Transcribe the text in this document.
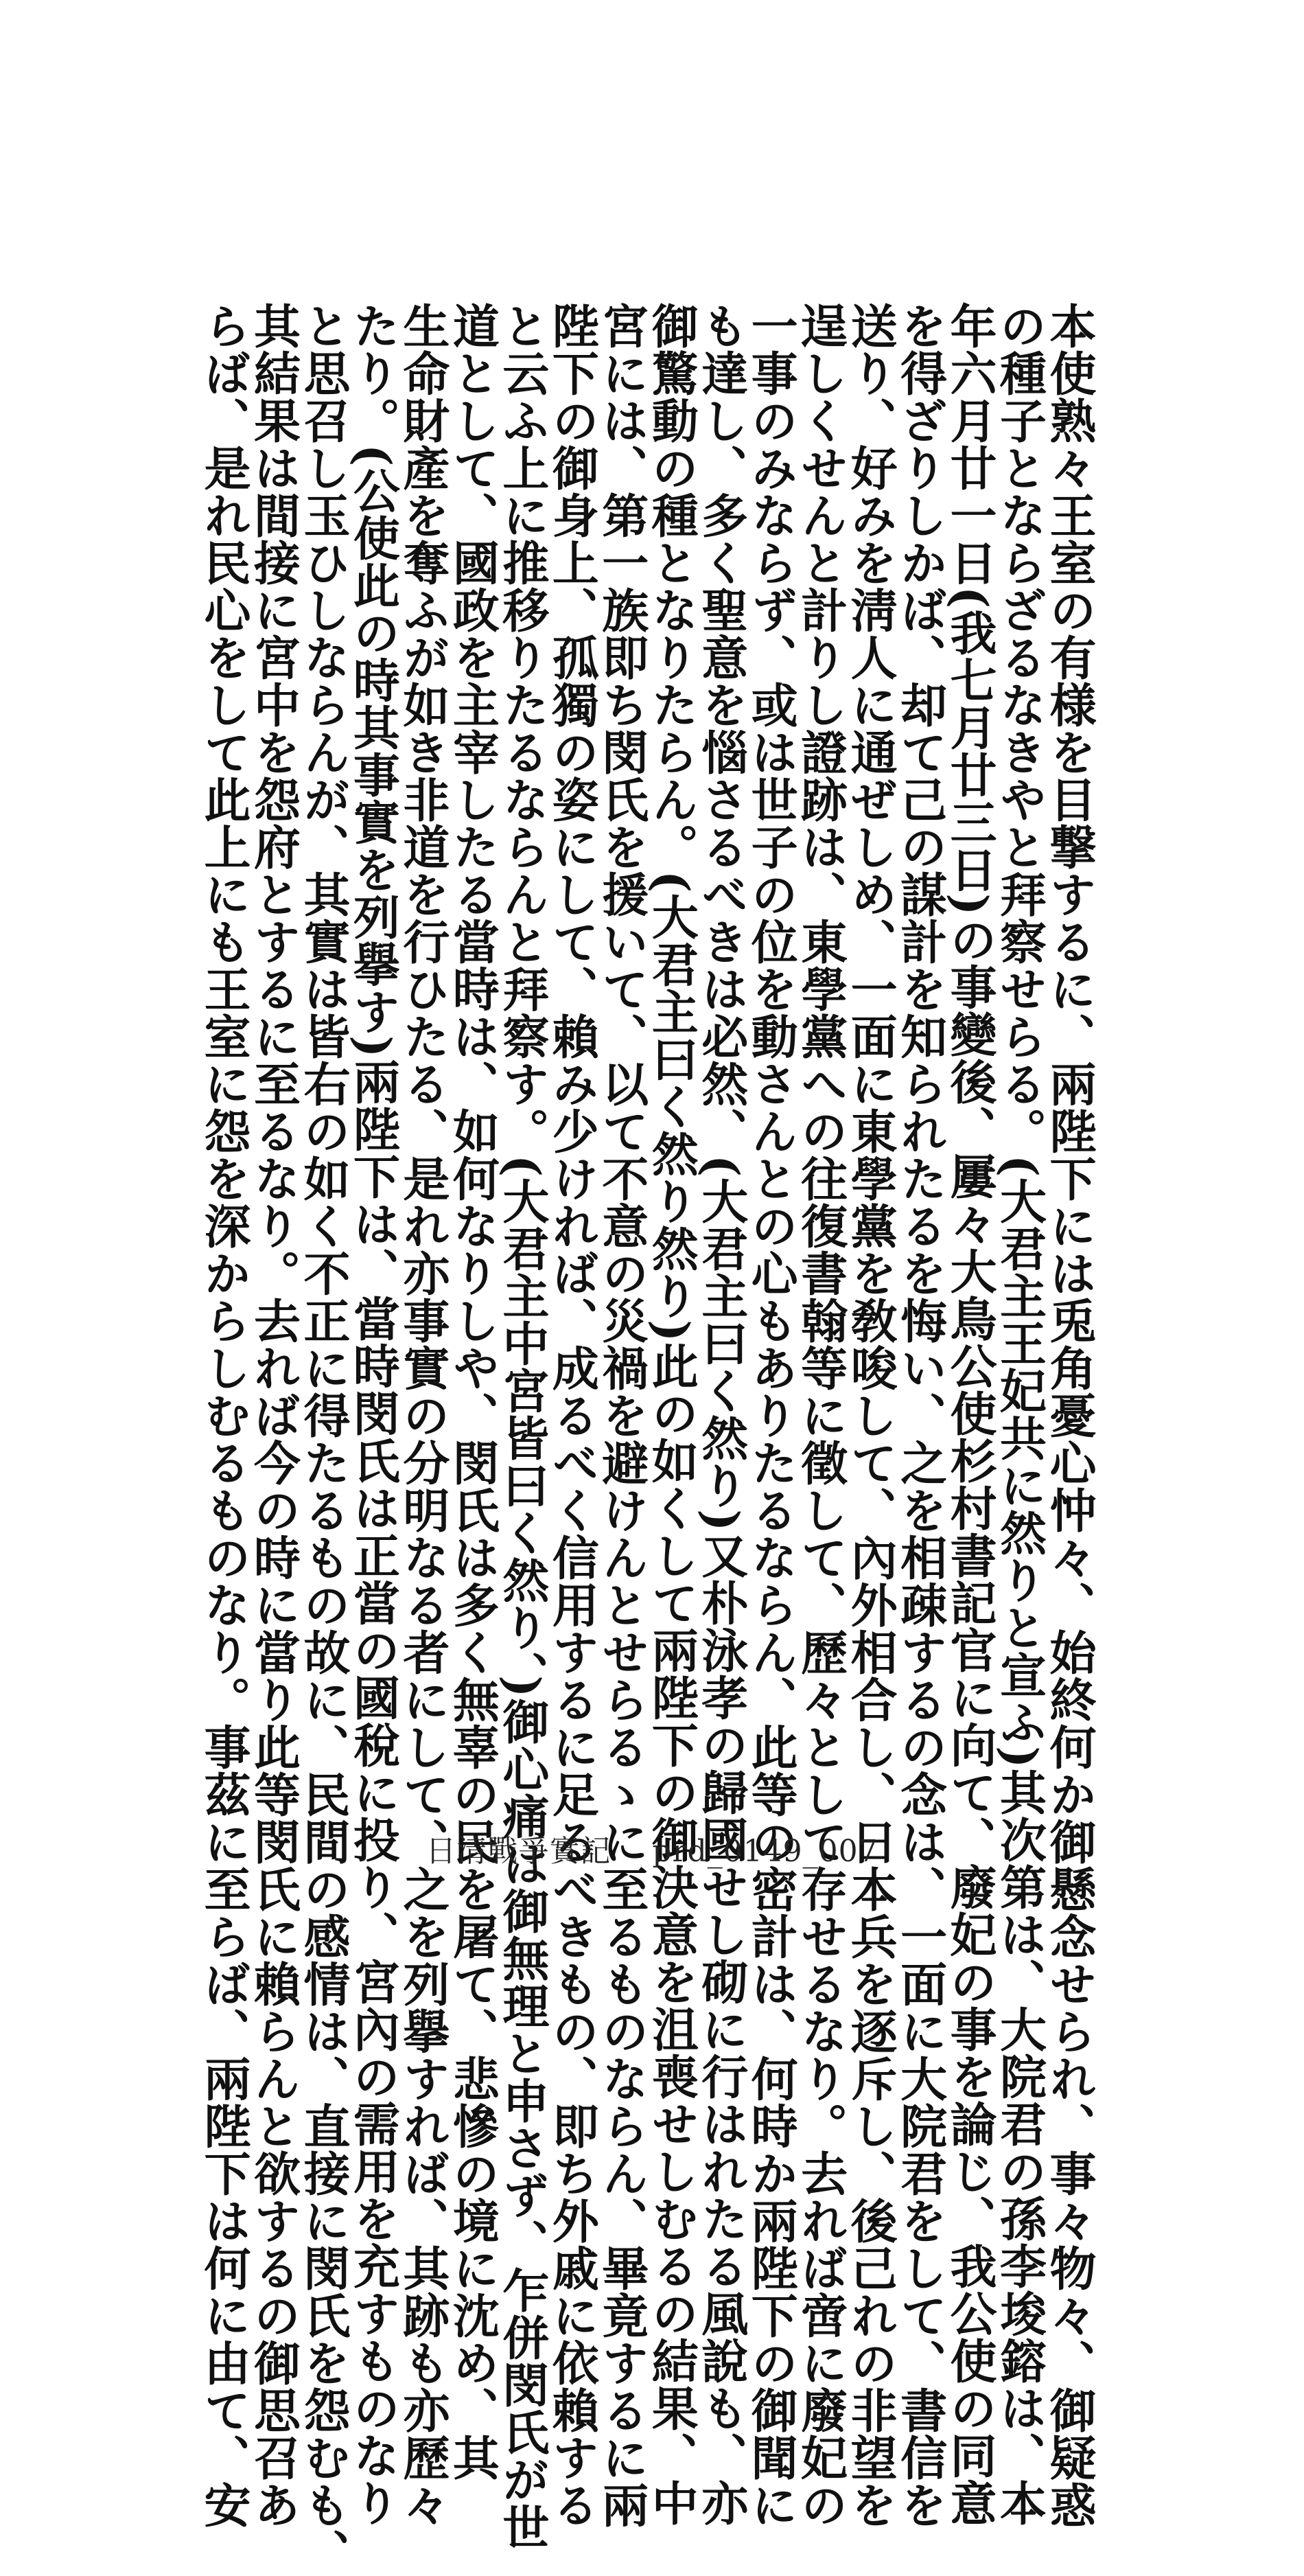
本使熟々王室の有様を目撃するに、兩陛下には兎角憂心忡々、始終何か御懸念せられ、事々物々、御疑惑
の種子とならざるなきやと拜察せらる。(大君主王妃共に然りと宣ふ)其次第は、大院君の孫李埈鎔は、本
年六月廿一日(我七月廿三日)の事變後、屢々大鳥公使杉村書記官に向て、廢妃の事を論じ、我公使の同意
を得ざりしかば、却て己の謀計を知られたるを悔い、之を相疎するの念は、一面に大院君をして、書信を
送り、好みを淸人に通ぜしめ、一面に東學黨を敎唆して、內外相合し、日本兵を逐斥し、後己れの非望を
逞しくせんと計りし證跡は、東學黨への往復書翰等に徵して、歷々として存せるなり。去れば啻に廢妃の
一事のみならず、或は世子の位を動さんとの心もありたるならん、此等の密計は、何時か兩陛下の御聞に
も達し、多く聖意を惱さるべきは必然、(大君主曰く然り)又朴泳孝の歸國せし砌に行はれたる風說も、亦
御驚動の種となりたらん。(大君主曰く然り然り)此の如くして兩陛下の御決意を沮喪せしむるの結果、中
宮には、第一族即ち閔氏を援いて、以て不意の災禍を避けんとせらるゝに至るものならん、畢竟するに兩
陛下の御身上、孤獨の姿にして、賴み少ければ、成るべく信用するに足るべきもの、即ち外戚に依賴する
と云ふ上に推移りたるならんと拜察す。(大君主中宮皆曰く然り、)御心痛は御無理と申さず、乍併閔氏が世
道として、國政を主宰したる當時は、如何なりしや、閔氏は多く無辜の民を屠て、悲慘の境に沈め、其
生命財產を奪ふが如き非道を行ひたる、是れ亦事實の分明なる者にして、之を列擧すれば、其跡も亦歷々
たり。(公使此の時其事實を列擧す)兩陛下は、當時閔氏は正當の國稅に投り、宮內の需用を充すものなり
と思召し玉ひしならんが、其實は皆右の如く不正に得たるもの故に、民間の感情は、直接に閔氏を怨むも、
其結果は間接に宮中を怨府とするに至るなり。去れば今の時に當り此等閔氏に賴らんと欲するの御思召あ
らば、是れ民心をして此上にも王室に怨を深からしむるものなり。事茲に至らば、兩陛下は何に由て、安	日清戰爭實記 prd_0149_007
